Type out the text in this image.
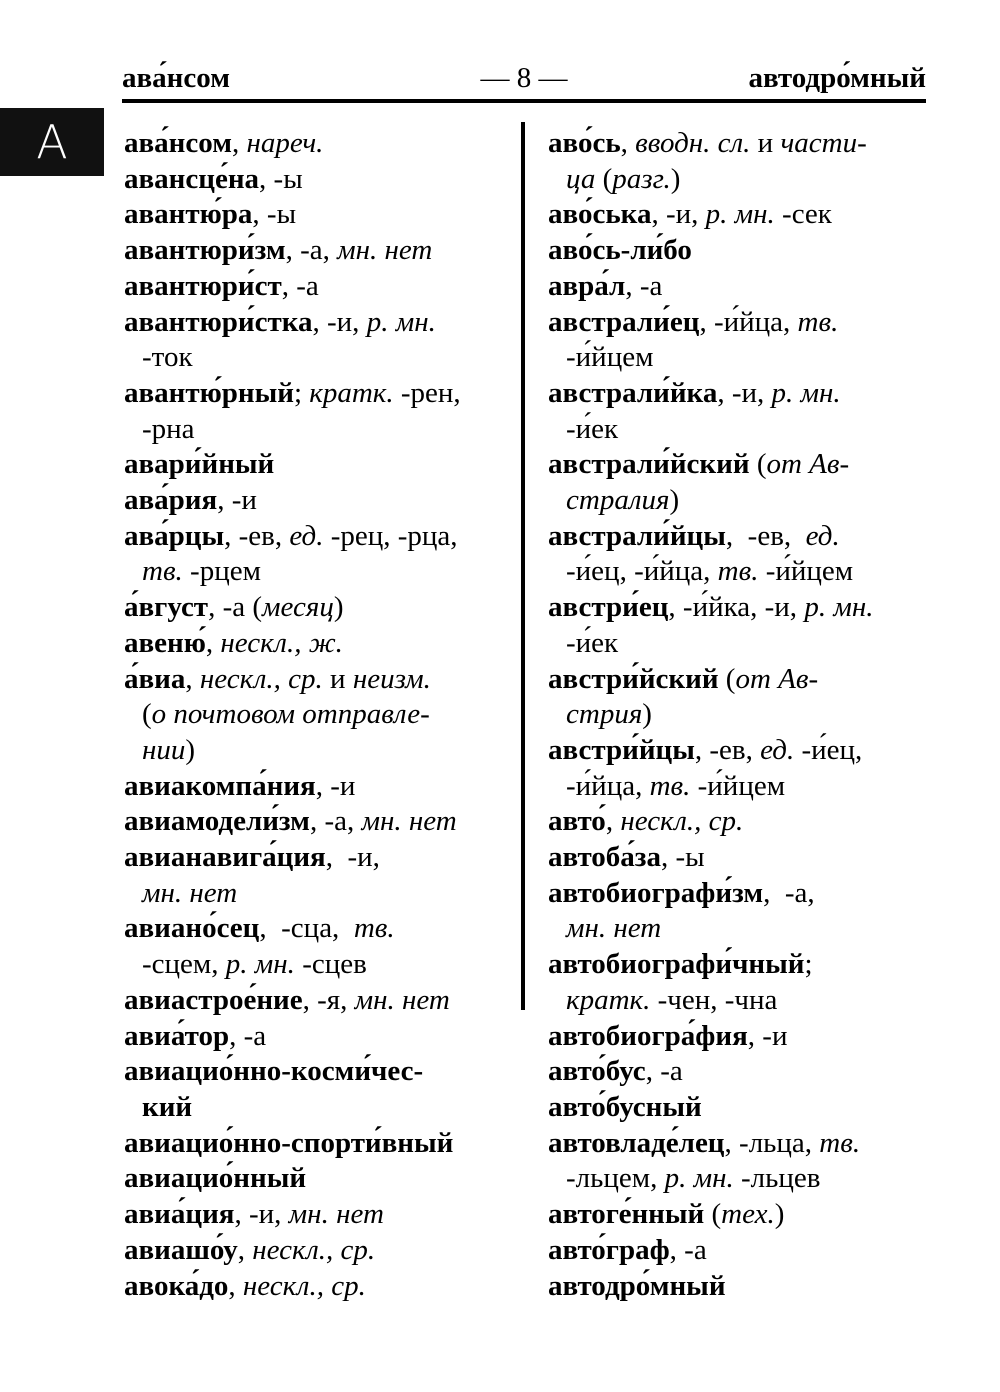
ава́нсом	— 8 —	автодро́мный
А	ава́нсом, нареч.
авансце́на, -ы
авантю́ра, -ы
авантюри́зм, -а, мн. нет
авантюри́ст, -а
авантюри́стка, -и, р. мн.
-ток
авантю́рный; кратк. -рен,
-рна
авари́йный
ава́рия, -и
ава́рцы, -ев, ед. -рец, -рца,
тв. -рцем
а́вгуст, -а (месяц)
авеню́, нескл., ж.
а́виа, нескл., ср. и неизм.
(о почтовом отправле-
нии)
авиакомпа́ния, -и
авиамодели́зм, -а, мн. нет
авианавига́ция,  -и,
мн. нет
авиано́сец,  -сца,  тв.
-сцем, р. мн. -сцев
авиастрое́ние, -я, мн. нет
авиа́тор, -а
авиацио́нно-косми́чес-
кий
авиацио́нно-спорти́вный
авиацио́нный
авиа́ция, -и, мн. нет
авиашо́у, нескл., ср.
авока́до, нескл., ср.
аво́сь, вводн. сл. и части-
ца (разг.)
аво́ська, -и, р. мн. -сек
аво́сь-ли́бо
авра́л, -а
австрали́ец, -и́йца, тв.
-и́йцем
австрали́йка, -и, р. мн.
-и́ек
австрали́йский (от Ав-
стралия)
австрали́йцы,  -ев,  ед.
-и́ец, -и́йца, тв. -и́йцем
австри́ец, -и́йка, -и, р. мн.
-и́ек
австри́йский (от Ав-
стрия)
австри́йцы, -ев, ед. -и́ец,
-и́йца, тв. -и́йцем
авто́, нескл., ср.
автоба́за, -ы
автобиографи́зм,  -а,
мн. нет
автобиографи́чный;
кратк. -чен, -чна
автобиогра́фия, -и
авто́бус, -а
авто́бусный
автовладе́лец, -льца, тв.
-льцем, р. мн. -льцев
автоге́нный (тех.)
авто́граф, -а
автодро́мный
